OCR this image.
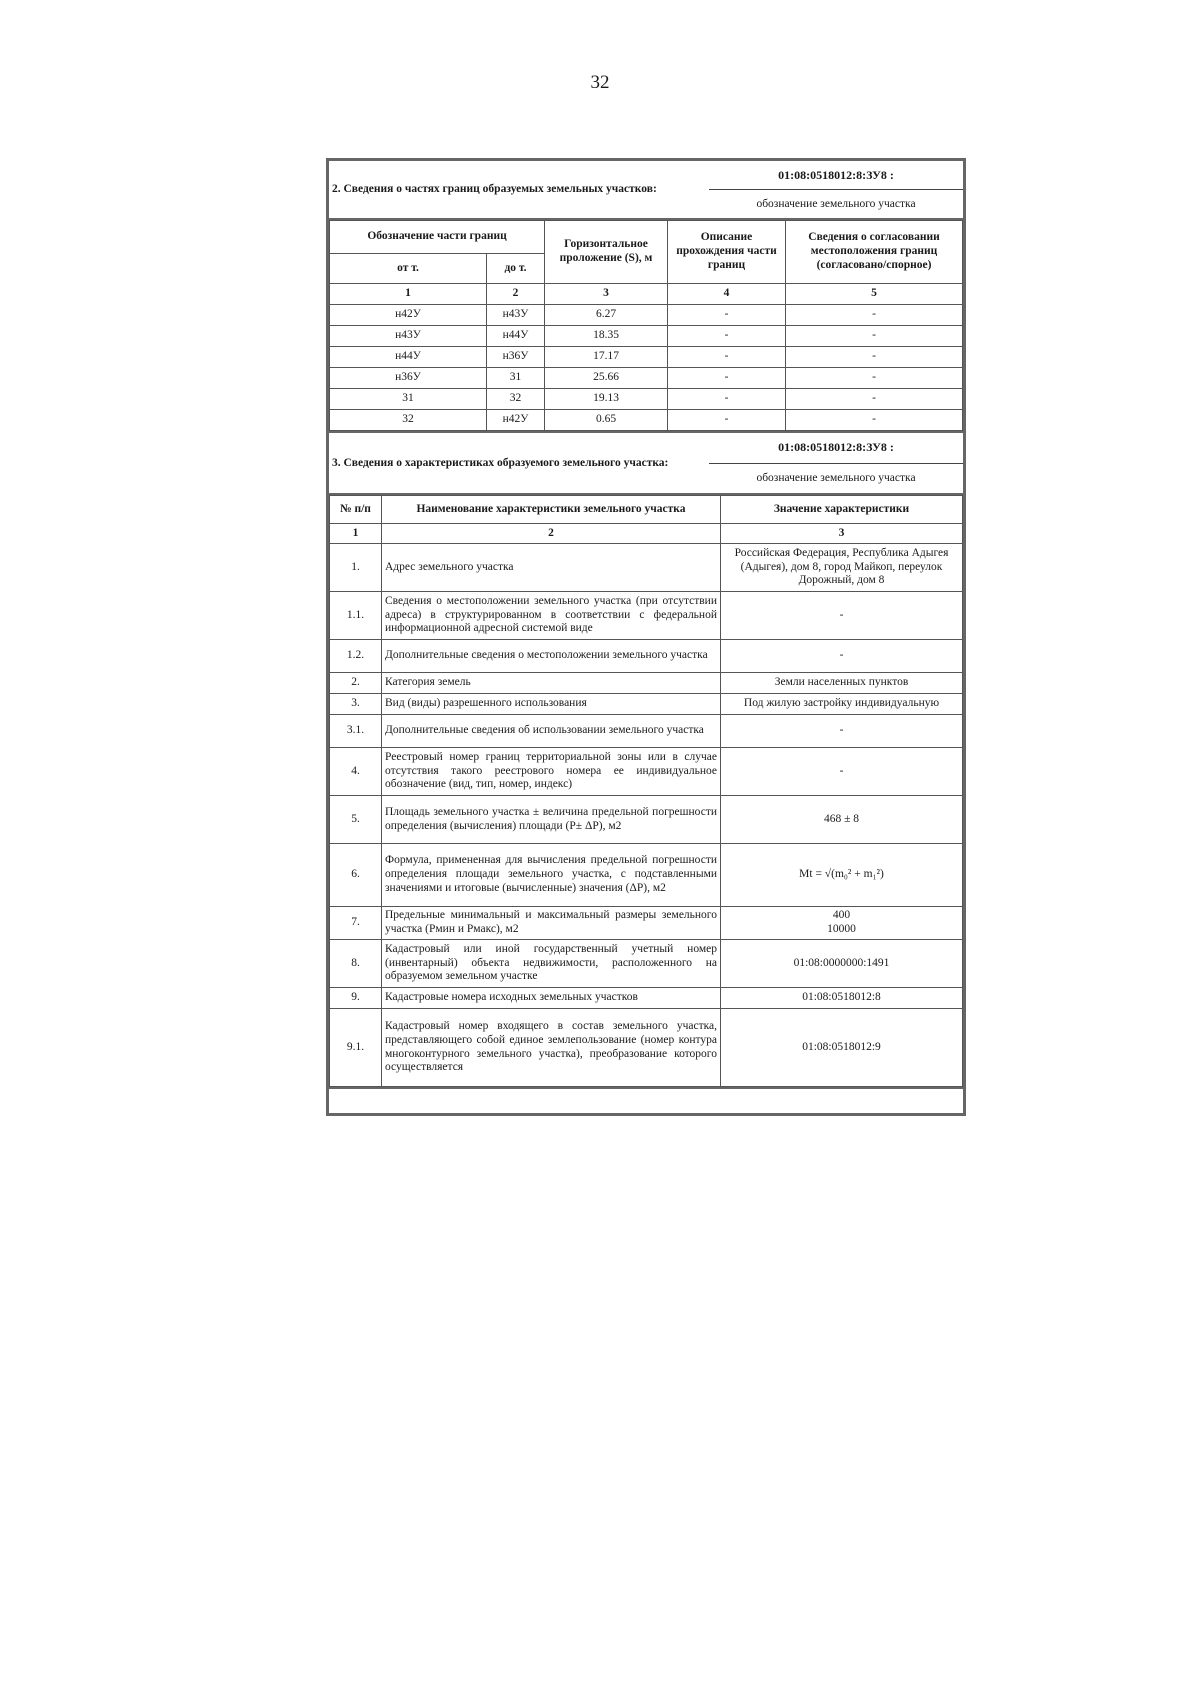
32
2. Сведения о частях границ образуемых земельных участков:
01:08:0518012:8:ЗУ8 :
обозначение земельного участка
Обозначение части границ		Горизонтальное проложение (S), м	Описание прохождения части границ	Сведения о согласовании местоположения границ (согласовано/спорное)
от т.	до т.			
1	2	3	4	5
н42У	н43У	6.27	-	-
н43У	н44У	18.35	-	-
н44У	н36У	17.17	-	-
н36У	31	25.66	-	-
31	32	19.13	-	-
32	н42У	0.65	-	-
3. Сведения о характеристиках образуемого земельного участка:
01:08:0518012:8:ЗУ8 :
обозначение земельного участка
№ п/п	Наименование характеристики земельного участка	Значение характеристики
1	2	3
1.	Адрес земельного участка	Российская Федерация, Республика Адыгея (Адыгея), дом 8, город Майкоп, переулок Дорожный, дом 8
1.1.	Сведения о местоположении земельного участка (при отсутствии адреса) в структурированном в соответствии с федеральной информационной адресной системой виде	-
1.2.	Дополнительные сведения о местоположении земельного участка	-
2.	Категория земель	Земли населенных пунктов
3.	Вид (виды) разрешенного использования	Под жилую застройку индивидуальную
3.1.	Дополнительные сведения об использовании земельного участка	-
4.	Реестровый номер границ территориальной зоны или в случае отсутствия такого реестрового номера ее индивидуальное обозначение (вид, тип, номер, индекс)	-
5.	Площадь земельного участка ± величина предельной погрешности определения (вычисления) площади (P± ΔP), м2	468 ± 8
6.	Формула, примененная для вычисления предельной погрешности определения площади земельного участка, с подставленными значениями и итоговые (вычисленные) значения (ΔP), м2	Mt = √(m₀² + m₁²)
7.	Предельные минимальный и максимальный размеры земельного участка (Pмин и Pмакс), м2	400
10000
8.	Кадастровый или иной государственный учетный номер (инвентарный) объекта недвижимости, расположенного на образуемом земельном участке	01:08:0000000:1491
9.	Кадастровые номера исходных земельных участков	01:08:0518012:8
9.1.	Кадастровый номер входящего в состав земельного участка, представляющего собой единое землепользование (номер контура многоконтурного земельного участка), преобразование которого осуществляется	01:08:0518012:9
